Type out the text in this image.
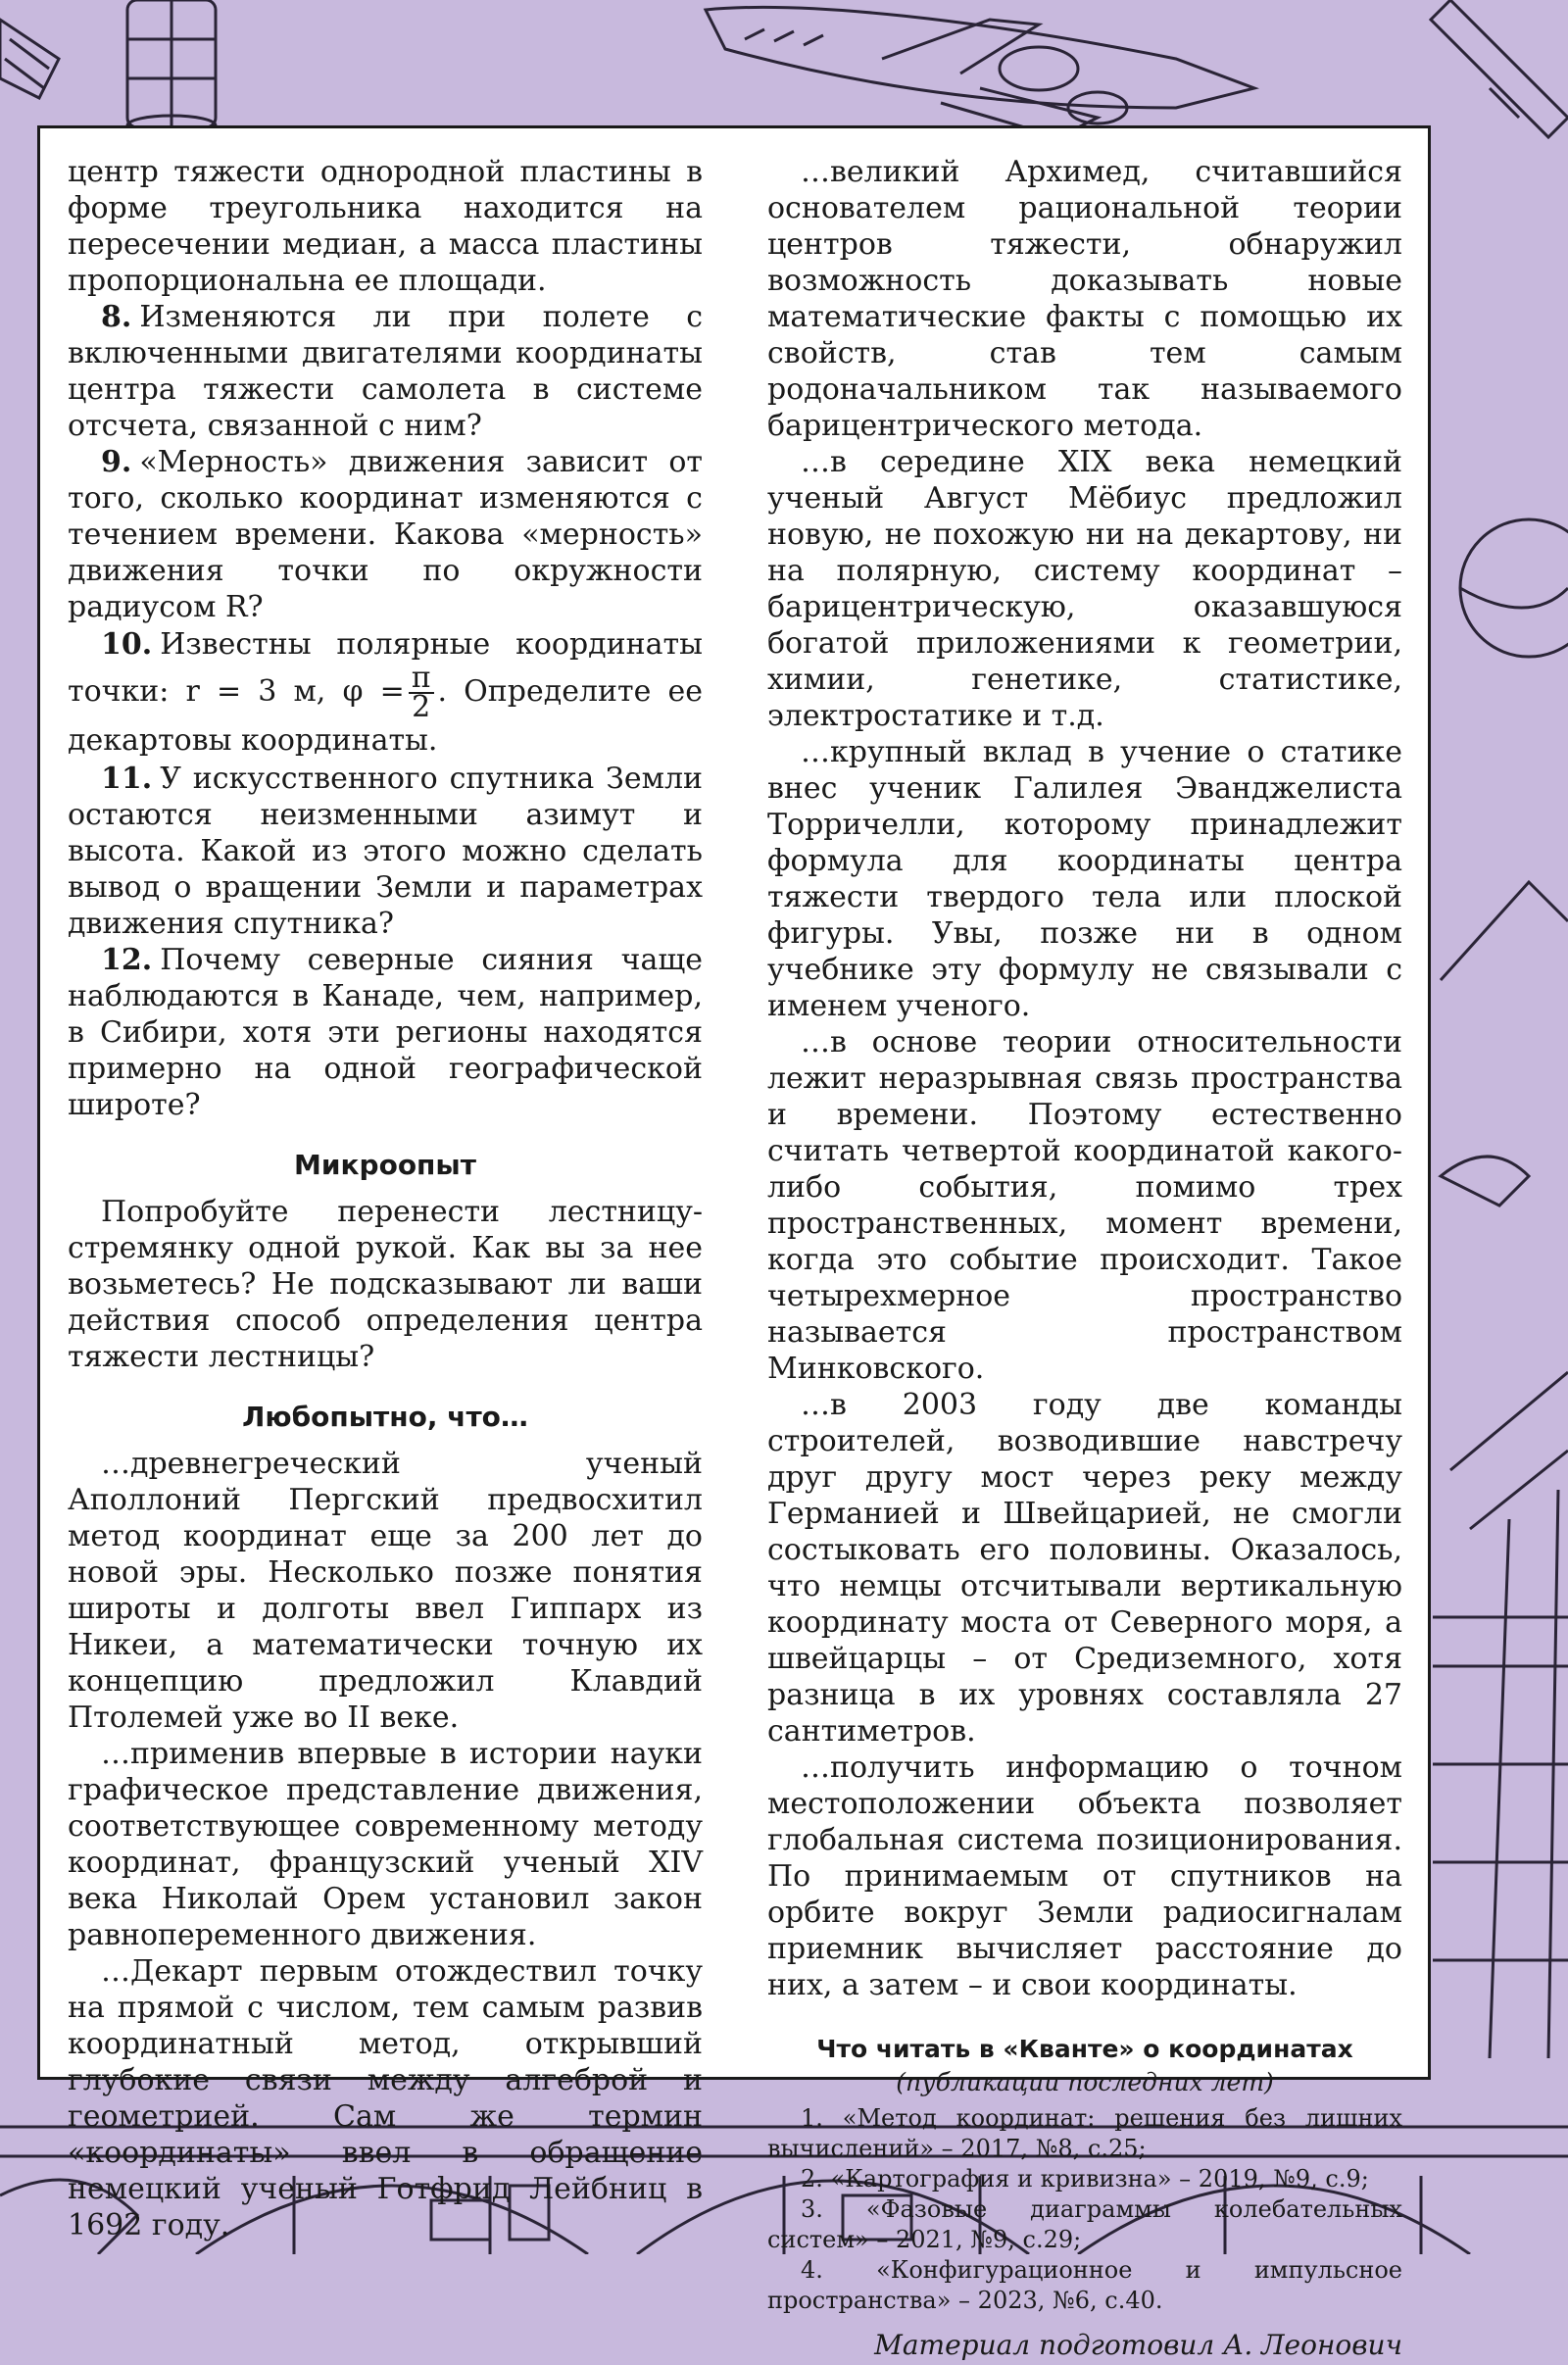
центр тяжести однородной пластины в форме треугольника находится на пересечении медиан, а масса пластины пропорциональна ее площади.

8. Изменяются ли при полете с включенными двигателями координаты центра тяжести самолета в системе отсчета, связанной с ним?

9. «Мерность» движения зависит от того, сколько координат изменяются с течением времени. Какова «мерность» движения точки по окружности радиусом R?

10. Известны полярные координаты точки: r = 3 м, $\varphi = \frac{\pi}{2}$ . Определите ее декартовы координаты.

11. У искусственного спутника Земли остаются неизменными азимут и высота. Какой из этого можно сделать вывод о вращении Земли и параметрах движения спутника?

12. Почему северные сияния чаще наблюдаются в Канаде, чем, например, в Сибири, хотя эти регионы находятся примерно на одной географической широте?

Микроопыт

Попробуйте перенести лестницу-стремянку одной рукой. Как вы за нее возьметесь? Не подсказывают ли ваши действия способ определения центра тяжести лестницы?

Любопытно, что…

…древнегреческий ученый Аполлоний Пергский предвосхитил метод координат еще за 200 лет до новой эры. Несколько позже понятия широты и долготы ввел Гиппарх из Никеи, а математически точную их концепцию предложил Клавдий Птолемей уже во II веке.

…применив впервые в истории науки графическое представление движения, соответствующее современному методу координат, французский ученый XIV века Николай Орем установил закон равнопеременного движения.

…Декарт первым отождествил точку на прямой с числом, тем самым развив координатный метод, открывший глубокие связи между алгеброй и геометрией. Сам же термин «координаты» ввел в обращение немецкий ученый Готфрид Лейбниц в 1692 году.

…великий Архимед, считавшийся основателем рациональной теории центров тяжести, обнаружил возможность доказывать новые математические факты с помощью их свойств, став тем самым родоначальником так называемого барицентрического метода.

…в середине XIX века немецкий ученый Август Мёбиус предложил новую, не похожую ни на декартову, ни на полярную, систему координат – барицентрическую, оказавшуюся богатой приложениями к геометрии, химии, генетике, статистике, электростатике и т.д.

…крупный вклад в учение о статике внес ученик Галилея Эванджелиста Торричелли, которому принадлежит формула для координаты центра тяжести твердого тела или плоской фигуры. Увы, позже ни в одном учебнике эту формулу не связывали с именем ученого.

…в основе теории относительности лежит неразрывная связь пространства и времени. Поэтому естественно считать четвертой координатой какого-либо события, помимо трех пространственных, момент времени, когда это событие происходит. Такое четырехмерное пространство называется пространством Минковского.

…в 2003 году две команды строителей, возводившие навстречу друг другу мост через реку между Германией и Швейцарией, не смогли состыковать его половины. Оказалось, что немцы отсчитывали вертикальную координату моста от Северного моря, а швейцарцы – от Средиземного, хотя разница в их уровнях составляла 27 сантиметров.

…получить информацию о точном местоположении объекта позволяет глобальная система позиционирования. По принимаемым от спутников на орбите вокруг Земли радиосигналам приемник вычисляет расстояние до них, а затем – и свои координаты.

Что читать в «Кванте» о координатах
(публикации последних лет)

1. «Метод координат: решения без лишних вычислений» – 2017, №8, с.25;

2. «Картография и кривизна» – 2019, №9, с.9;

3. «Фазовые диаграммы колебательных систем» – 2021, №9, с.29;

4. «Конфигурационное и импульсное пространства» – 2023, №6, с.40.

Материал подготовил А. Леонович
